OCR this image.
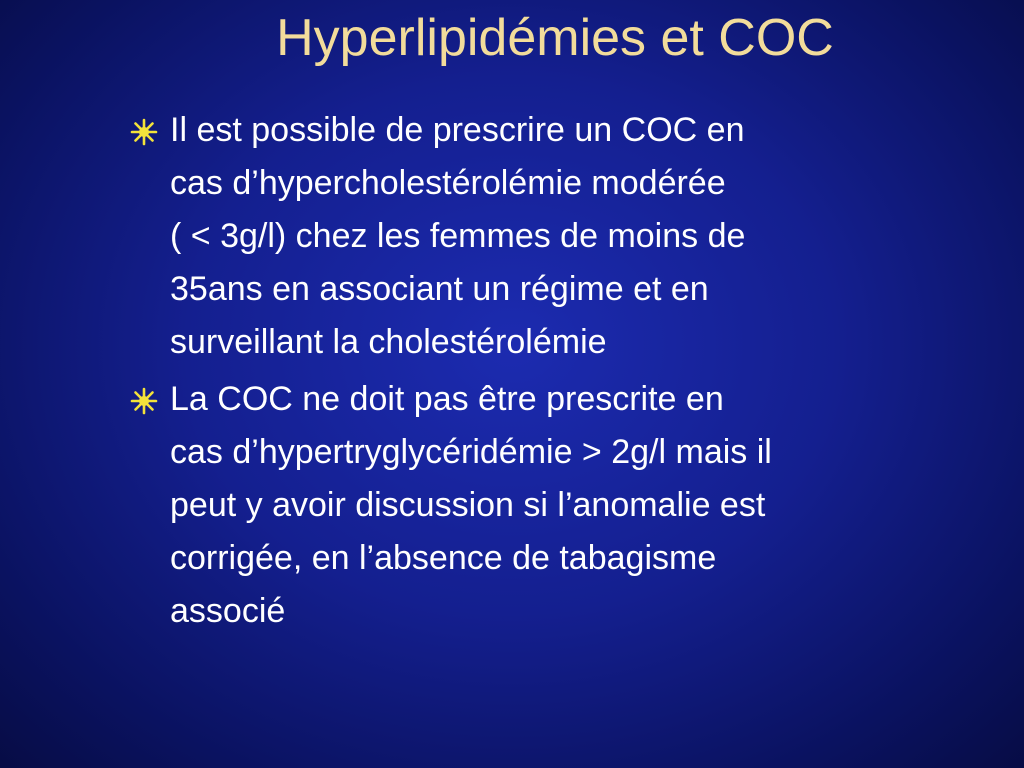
Hyperlipidémies et COC
Il est possible de prescrire un COC en
cas d’hypercholestérolémie modérée
( < 3g/l) chez les femmes de moins de
35ans en associant un régime et en
surveillant la cholestérolémie
La COC ne doit pas être prescrite en
cas d’hypertryglycéridémie > 2g/l mais il
peut y avoir discussion si l’anomalie est
corrigée, en l’absence de tabagisme
associé
